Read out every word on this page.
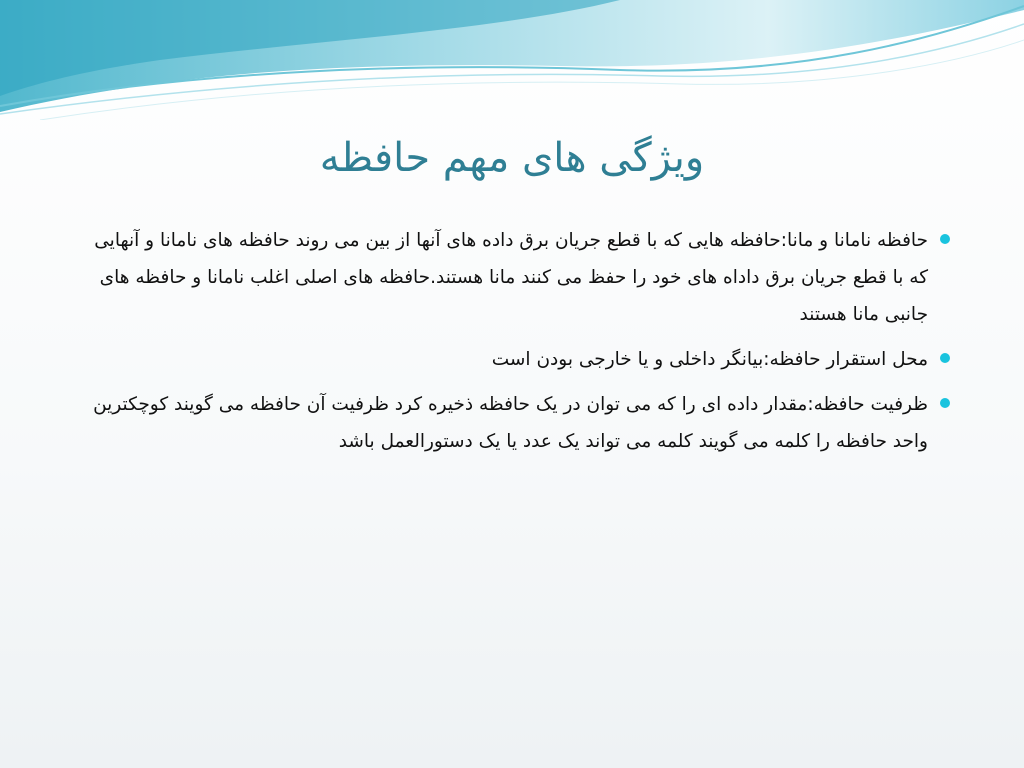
ویژگی های مهم حافظه
حافظه نامانا و مانا:حافظه هایی که با قطع جریان برق داده های آنها از بین می روند حافظه های نامانا و آنهایی که با قطع جریان برق داداه های خود را حفظ می کنند مانا هستند.حافظه های اصلی اغلب نامانا و حافظه های جانبی مانا هستند
محل استقرار حافظه:بیانگر داخلی و یا خارجی بودن است
ظرفیت حافظه:مقدار داده ای را که می توان در یک حافظه ذخیره کرد ظرفیت آن حافظه می گویند کوچکترین واحد حافظه را کلمه می گویند کلمه می تواند یک عدد یا یک دستورالعمل باشد
